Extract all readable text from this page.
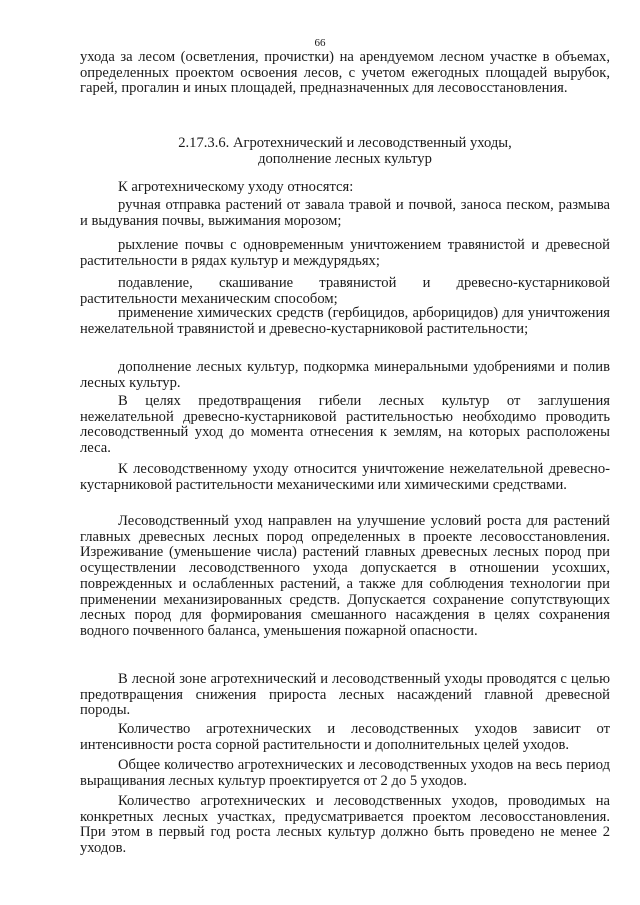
66

ухода за лесом (осветления, прочистки) на арендуемом лесном участке в объемах, определенных проектом освоения лесов, с учетом ежегодных площадей вырубок, гарей, прогалин и иных площадей, предназначенных для лесовосстановления.

2.17.3.6. Агротехнический и лесоводственный уходы,
дополнение лесных культур

К агротехническому уходу относятся:

ручная отправка растений от завала травой и почвой, заноса песком, размыва и выдувания почвы, выжимания морозом;

рыхление почвы с одновременным уничтожением травянистой и древесной растительности в рядах культур и междурядьях;

подавление, скашивание травянистой и древесно-кустарниковой растительности механическим способом;

применение химических средств (гербицидов, арборицидов) для уничтожения нежелательной травянистой и древесно-кустарниковой растительности;

дополнение лесных культур, подкормка минеральными удобрениями и полив лесных культур.

В целях предотвращения гибели лесных культур от заглушения нежелательной древесно-кустарниковой растительностью необходимо проводить лесоводственный уход до момента отнесения к землям, на которых расположены леса.

К лесоводственному уходу относится уничтожение нежелательной древесно-кустарниковой растительности механическими или химическими средствами.

Лесоводственный уход направлен на улучшение условий роста для растений главных древесных лесных пород определенных в проекте лесовосстановления. Изреживание (уменьшение числа) растений главных древесных лесных пород при осуществлении лесоводственного ухода допускается в отношении усохших, поврежденных и ослабленных растений, а также для соблюдения технологии при применении механизированных средств. Допускается сохранение сопутствующих лесных пород для формирования смешанного насаждения в целях сохранения водного почвенного баланса, уменьшения пожарной опасности.

В лесной зоне агротехнический и лесоводственный уходы проводятся с целью предотвращения снижения прироста лесных насаждений главной древесной породы.

Количество агротехнических и лесоводственных уходов зависит от интенсивности роста сорной растительности и дополнительных целей уходов.

Общее количество агротехнических и лесоводственных уходов на весь период выращивания лесных культур проектируется от 2 до 5 уходов.

Количество агротехнических и лесоводственных уходов, проводимых на конкретных лесных участках, предусматривается проектом лесовосстановления. При этом в первый год роста лесных культур должно быть проведено не менее 2 уходов.
